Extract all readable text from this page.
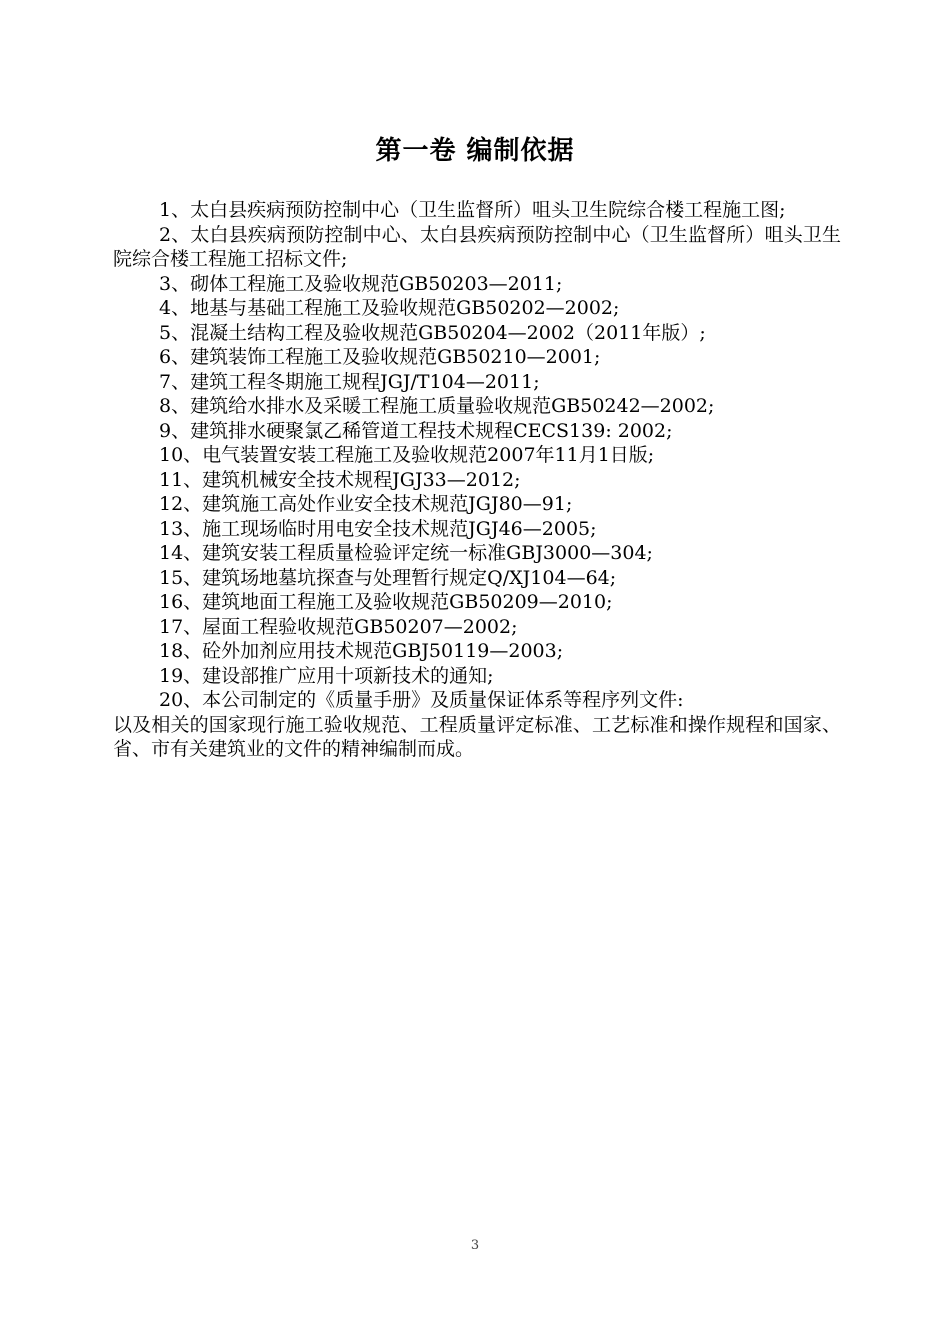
第一卷 编制依据

1、太白县疾病预防控制中心（卫生监督所）咀头卫生院综合楼工程施工图;

2、太白县疾病预防控制中心、太白县疾病预防控制中心（卫生监督所）咀头卫生院综合楼工程施工招标文件;

3、砌体工程施工及验收规范GB50203—2011;

4、地基与基础工程施工及验收规范GB50202—2002;

5、混凝土结构工程及验收规范GB50204—2002（2011年版）;

6、建筑装饰工程施工及验收规范GB50210—2001;

7、建筑工程冬期施工规程JGJ/T104—2011;

8、建筑给水排水及采暖工程施工质量验收规范GB50242—2002;

9、建筑排水硬聚氯乙稀管道工程技术规程CECS139: 2002;

10、电气装置安装工程施工及验收规范2007年11月1日版;

11、建筑机械安全技术规程JGJ33—2012;

12、建筑施工高处作业安全技术规范JGJ80—91;

13、施工现场临时用电安全技术规范JGJ46—2005;

14、建筑安装工程质量检验评定统一标准GBJ3000—304;

15、建筑场地墓坑探查与处理暂行规定Q/XJ104—64;

16、建筑地面工程施工及验收规范GB50209—2010;

17、屋面工程验收规范GB50207—2002;

18、砼外加剂应用技术规范GBJ50119—2003;

19、建设部推广应用十项新技术的通知;

20、本公司制定的《质量手册》及质量保证体系等程序列文件:

以及相关的国家现行施工验收规范、工程质量评定标准、工艺标准和操作规程和国家、省、市有关建筑业的文件的精神编制而成。

3
